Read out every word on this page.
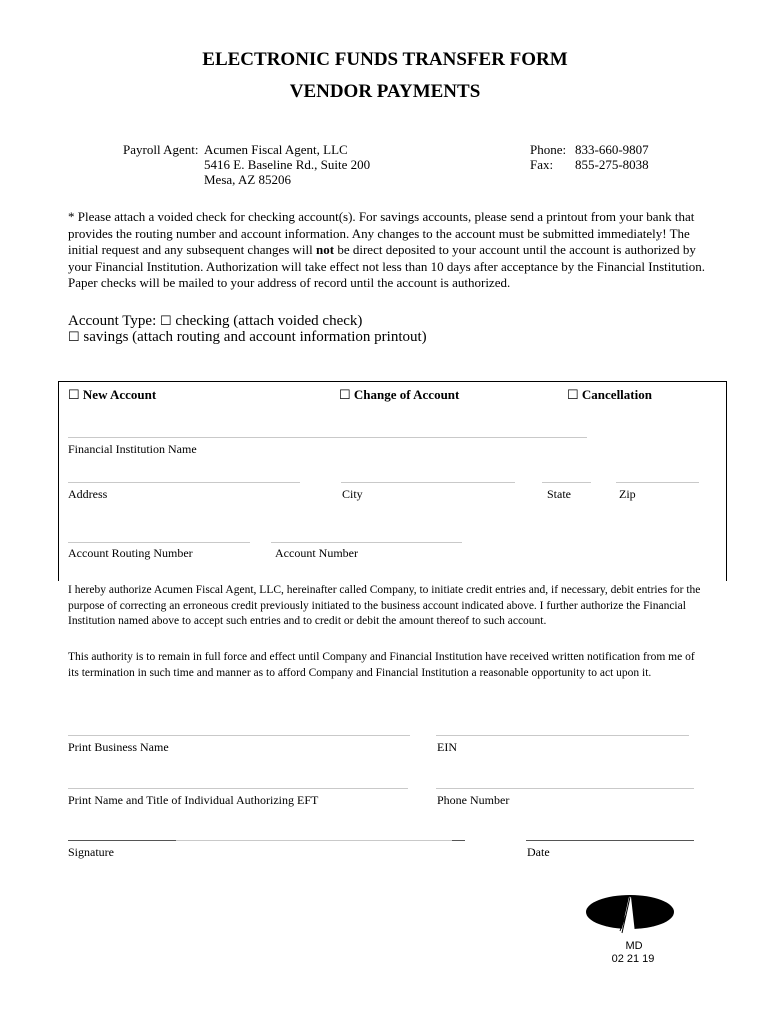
ELECTRONIC FUNDS TRANSFER FORM
VENDOR PAYMENTS
Payroll Agent: Acumen Fiscal Agent, LLC
5416 E. Baseline Rd., Suite 200
Mesa, AZ 85206
Phone: 833-660-9807
Fax: 855-275-8038
* Please attach a voided check for checking account(s). For savings accounts, please send a printout from your bank that provides the routing number and account information. Any changes to the account must be submitted immediately! The initial request and any subsequent changes will not be direct deposited to your account until the account is authorized by your Financial Institution. Authorization will take effect not less than 10 days after acceptance by the Financial Institution. Paper checks will be mailed to your address of record until the account is authorized.
Account Type: ☐ checking (attach voided check)
☐ savings (attach routing and account information printout)
☐ New Account	☐ Change of Account	☐ Cancellation
Financial Institution Name
Address	City	State	Zip
Account Routing Number	Account Number
I hereby authorize Acumen Fiscal Agent, LLC, hereinafter called Company, to initiate credit entries and, if necessary, debit entries for the purpose of correcting an erroneous credit previously initiated to the business account indicated above. I further authorize the Financial Institution named above to accept such entries and to credit or debit the amount thereof to such account.
This authority is to remain in full force and effect until Company and Financial Institution have received written notification from me of its termination in such time and manner as to afford Company and Financial Institution a reasonable opportunity to act upon it.
Print Business Name	EIN
Print Name and Title of Individual Authorizing EFT	Phone Number
Signature	Date
MD
02 21 19
